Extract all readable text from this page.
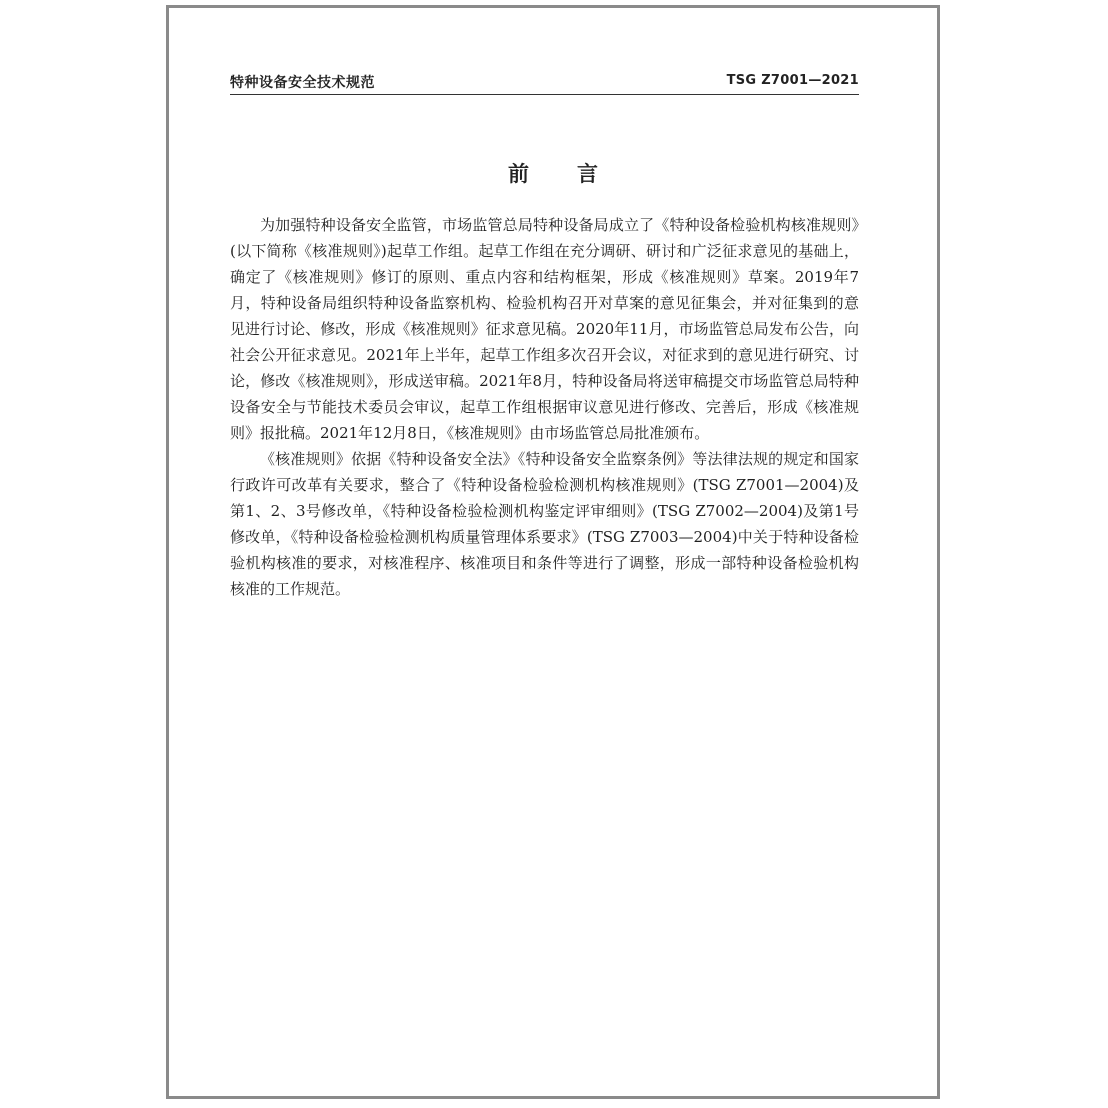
特种设备安全技术规范	TSG Z7001—2021
前言

为加强特种设备安全监管，市场监管总局特种设备局成立了《特种设备检验机构核准规则》(以下简称《核准规则》)起草工作组。起草工作组在充分调研、研讨和广泛征求意见的基础上，确定了《核准规则》修订的原则、重点内容和结构框架，形成《核准规则》草案。2019年7月，特种设备局组织特种设备监察机构、检验机构召开对草案的意见征集会，并对征集到的意见进行讨论、修改，形成《核准规则》征求意见稿。2020年11月，市场监管总局发布公告，向社会公开征求意见。2021年上半年，起草工作组多次召开会议，对征求到的意见进行研究、讨论，修改《核准规则》，形成送审稿。2021年8月，特种设备局将送审稿提交市场监管总局特种设备安全与节能技术委员会审议，起草工作组根据审议意见进行修改、完善后，形成《核准规则》报批稿。2021年12月8日，《核准规则》由市场监管总局批准颁布。

《核准规则》依据《特种设备安全法》《特种设备安全监察条例》等法律法规的规定和国家行政许可改革有关要求，整合了《特种设备检验检测机构核准规则》(TSG Z7001—2004)及第1、2、3号修改单，《特种设备检验检测机构鉴定评审细则》(TSG Z7002—2004)及第1号修改单，《特种设备检验检测机构质量管理体系要求》(TSG Z7003—2004)中关于特种设备检验机构核准的要求，对核准程序、核准项目和条件等进行了调整，形成一部特种设备检验机构核准的工作规范。
